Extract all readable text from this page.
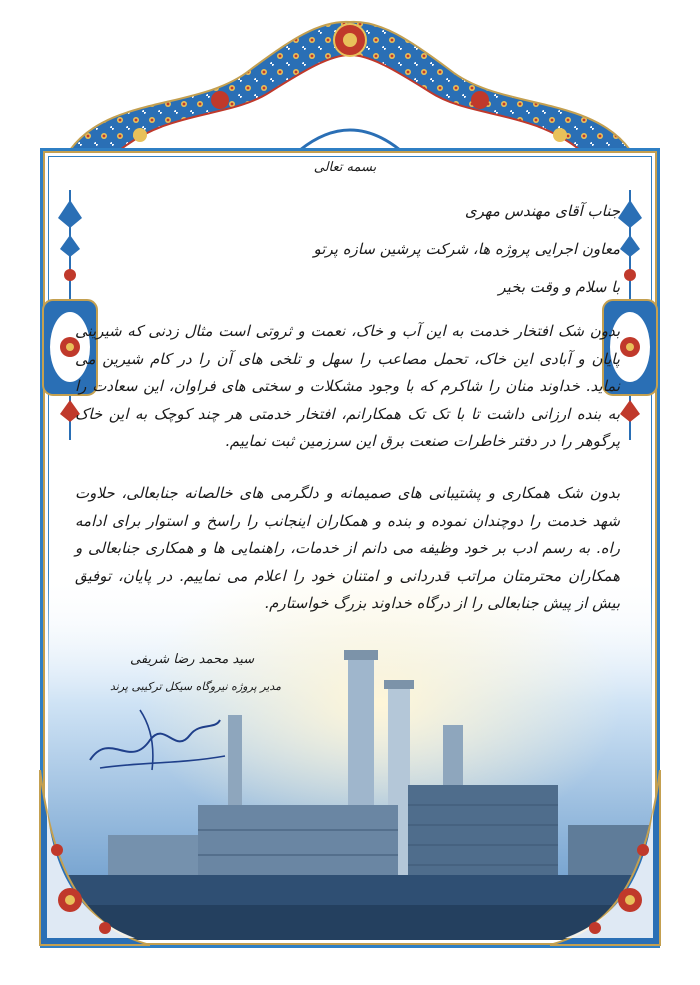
بسمه تعالی
جناب آقای مهندس مهری
معاون اجرایی پروژه ها، شرکت پرشین سازه پرتو
با سلام و وقت بخیر
بدون شک افتخار خدمت به این آب و خاک، نعمت و ثروتی است مثال زدنی که شیرینی پایان و آبادی این خاک، تحمل مصاعب را سهل و تلخی های آن را در کام شیرین می نماید. خداوند منان را شاکرم که با وجود مشکلات و سختی های فراوان، این سعادت را به بنده ارزانی داشت تا با تک تک همکارانم، افتخار خدمتی هر چند کوچک به این خاک پرگوهر را در دفتر خاطرات صنعت برق این سرزمین ثبت نماییم.
بدون شک همکاری و پشتیبانی های صمیمانه و دلگرمی های خالصانه جنابعالی، حلاوت شهد خدمت را دوچندان نموده و بنده و همکاران اینجانب را راسخ و استوار برای ادامه راه. به رسم ادب بر خود وظیفه می دانم از خدمات، راهنمایی ها و همکاری جنابعالی و همکاران محترمتان مراتب قدردانی و امتنان خود را اعلام می نماییم. در پایان، توفیق بیش از پیش جنابعالی را از درگاه خداوند بزرگ خواستارم.
سید محمد رضا شریفی
مدیر پروژه نیروگاه سیکل ترکیبی پرند
